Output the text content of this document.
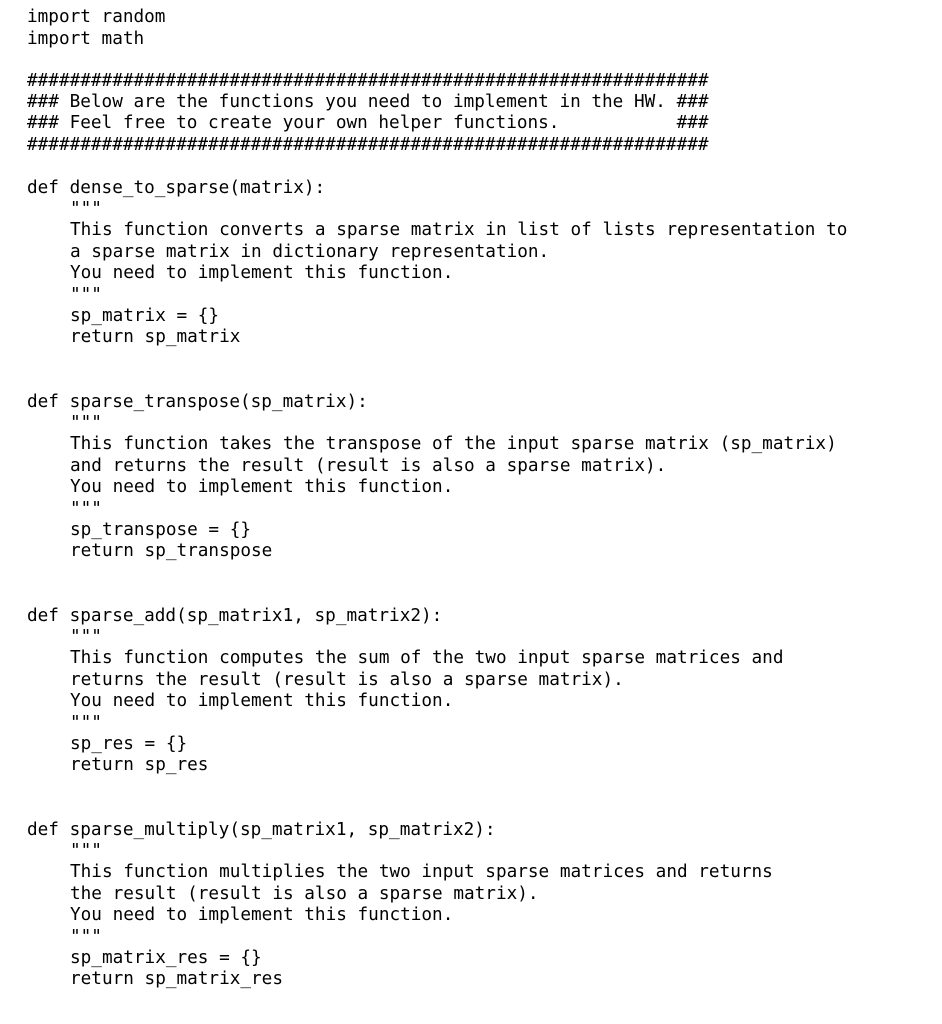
import random
import math
################################################################
### Below are the functions you need to implement in the HW. ###
### Feel free to create your own helper functions.           ###
################################################################
def dense_to_sparse(matrix):
"""
This function converts a sparse matrix in list of lists representation to
a sparse matrix in dictionary representation.
You need to implement this function.
"""
sp_matrix = {}
return sp_matrix
def sparse_transpose(sp_matrix):
"""
This function takes the transpose of the input sparse matrix (sp_matrix)
and returns the result (result is also a sparse matrix).
You need to implement this function.
"""
sp_transpose = {}
return sp_transpose
def sparse_add(sp_matrix1, sp_matrix2):
"""
This function computes the sum of the two input sparse matrices and
returns the result (result is also a sparse matrix).
You need to implement this function.
"""
sp_res = {}
return sp_res
def sparse_multiply(sp_matrix1, sp_matrix2):
"""
This function multiplies the two input sparse matrices and returns
the result (result is also a sparse matrix).
You need to implement this function.
"""
sp_matrix_res = {}
return sp_matrix_res
